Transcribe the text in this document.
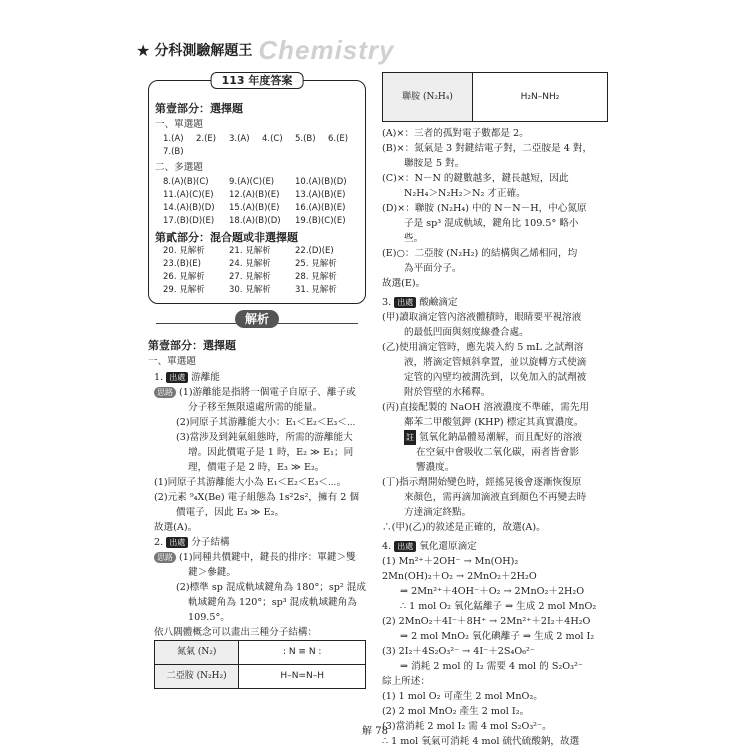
★ 分科測驗解題王 Chemistry
113 年度答案
第壹部分：選擇題
一、單選題
1.(A)	2.(E)	3.(A)	4.(C)	5.(B)	6.(E)
7.(B)
二、多選題
8.(A)(B)(C)	9.(A)(C)(E)	10.(A)(B)(D)
11.(A)(C)(E)	12.(A)(B)(E)	13.(A)(B)(E)
14.(A)(B)(D)	15.(A)(B)(E)	16.(A)(B)(E)
17.(B)(D)(E)	18.(A)(B)(D)	19.(B)(C)(E)
第貳部分：混合題或非選擇題
20. 見解析	21. 見解析	22.(D)(E)
23.(B)(E)	24. 見解析	25. 見解析
26. 見解析	27. 見解析	28. 見解析
29. 見解析	30. 見解析	31. 見解析
解析
第壹部分：選擇題
一、單選題
1. 出處 游離能
思路 (1)游離能是指將一個電子自原子、離子或
分子移至無限遠處所需的能量。
(2)同原子其游離能大小：E₁＜E₂＜E₃＜⋯
(3)當涉及到鈍氣組態時，所需的游離能大
增。因此價電子是 1 時，E₂ ≫ E₁；同
理，價電子是 2 時，E₃ ≫ E₂。
(1)同原子其游離能大小為 E₁＜E₂＜E₃＜⋯。
(2)元素 ⁹₄X(Be) 電子組態為 1s²2s²，擁有 2 個
價電子，因此 E₃ ≫ E₂。
故選(A)。
2. 出處 分子結構
思路 (1)同種共價鍵中，鍵長的排序：單鍵＞雙
鍵＞參鍵。
(2)標準 sp 混成軌域鍵角為 180°；sp² 混成
軌域鍵角為 120°；sp³ 混成軌域鍵角為
109.5°。
依八隅體概念可以畫出三種分子結構：
氮氣 (N₂)	: N ≡ N :
二亞胺 (N₂H₂)	H–N=N–H
聯胺 (N₂H₄)	H₂N–NH₂
(A)×：三者的孤對電子數都是 2。
(B)×：氮氣是 3 對鍵結電子對，二亞胺是 4 對，
聯胺是 5 對。
(C)×：N－N 的鍵數越多，鍵長越短，因此
N₂H₄＞N₂H₂＞N₂ 才正確。
(D)×：聯胺 (N₂H₄) 中的 N－N－H，中心氮原
子是 sp³ 混成軌域，鍵角比 109.5° 略小
些。
(E)○：二亞胺 (N₂H₂) 的結構與乙烯相同，均
為平面分子。
故選(E)。
3. 出處 酸鹼滴定
(甲)讀取滴定管內溶液體積時，眼睛要平視溶液
的最低凹面與刻度線叠合處。
(乙)使用滴定管時，應先裝入約 5 mL 之試劑溶
液，將滴定管傾斜拿置，並以旋轉方式使滴
定管的內壁均被潤洗到，以免加入的試劑被
附於管壁的水稀釋。
(丙)直接配製的 NaOH 溶液濃度不準確，需先用
鄰苯二甲酸氫鉀 (KHP) 標定其真實濃度。
註 氫氧化鈉晶體易潮解，而且配好的溶液
在空氣中會吸收二氧化碳，兩者皆會影
響濃度。
(丁)指示劑開始變色時，經搖晃後會逐漸恢復原
來顏色，需再滴加滴液直到顏色不再變去時
方達滴定終點。
∴(甲)(乙)的敘述是正確的，故選(A)。
4. 出處 氧化還原滴定
(1) Mn²⁺＋2OH⁻ → Mn(OH)₂
2Mn(OH)₂＋O₂ → 2MnO₂＋2H₂O
⇒ 2Mn²⁺＋4OH⁻＋O₂ → 2MnO₂＋2H₂O
∴ 1 mol O₂ 氧化錳離子 ⇒ 生成 2 mol MnO₂
(2) 2MnO₂＋4I⁻＋8H⁺ → 2Mn²⁺＋2I₂＋4H₂O
⇒ 2 mol MnO₂ 氧化碘離子 ⇒ 生成 2 mol I₂
(3) 2I₂＋4S₂O₃²⁻ → 4I⁻＋2S₄O₆²⁻
⇒ 消耗 2 mol 的 I₂ 需要 4 mol 的 S₂O₃²⁻
綜上所述：
(1) 1 mol O₂ 可產生 2 mol MnO₂。
(2) 2 mol MnO₂ 產生 2 mol I₂。
(3)當消耗 2 mol I₂ 需 4 mol S₂O₃²⁻。
∴ 1 mol 氧氣可消耗 4 mol 硫代硫酸鈉，故選
解 78
